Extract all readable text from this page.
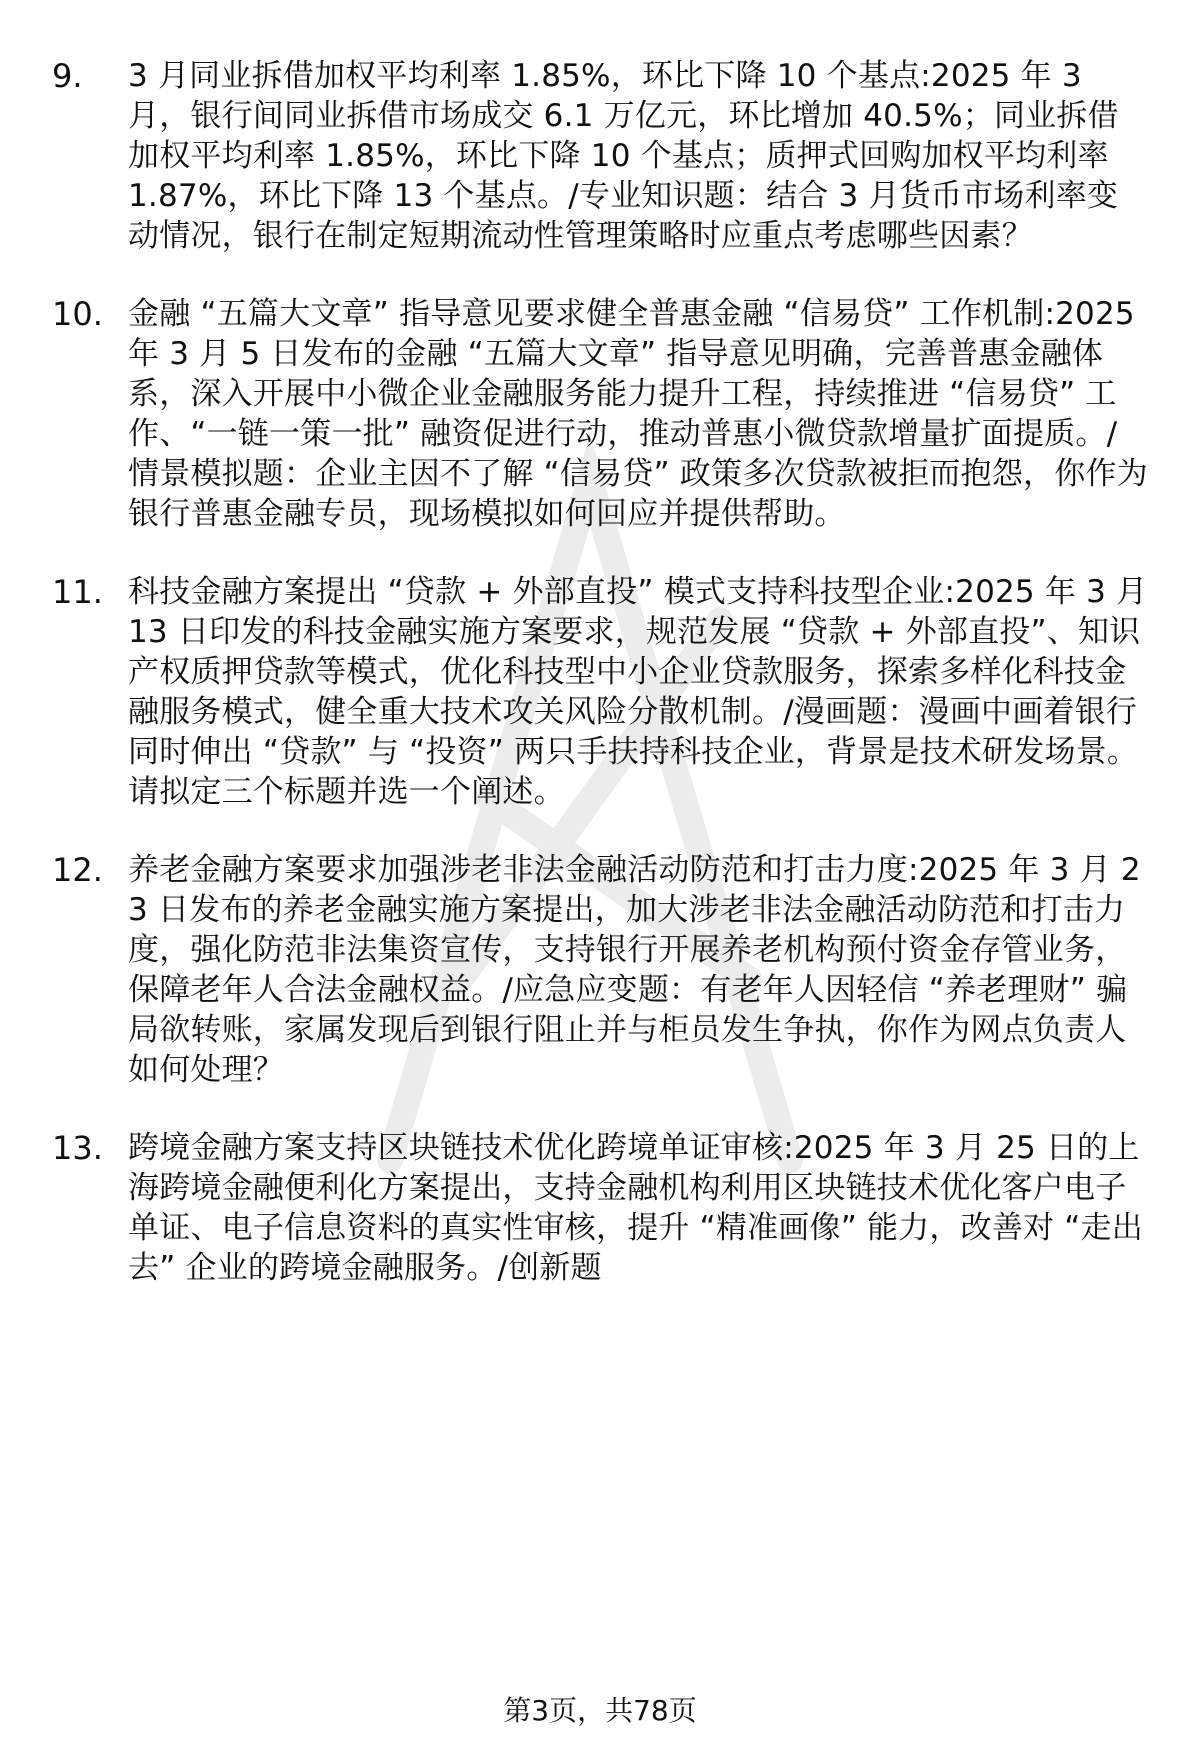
9.	3 月同业拆借加权平均利率 1.85%，环比下降 10 个基点:2025 年 3 月，银行间同业拆借市场成交 6.1 万亿元，环比增加 40.5%；同业拆借加权平均利率 1.85%，环比下降 10 个基点；质押式回购加权平均利率 1.87%，环比下降 13 个基点。/专业知识题：结合 3 月货币市场利率变动情况，银行在制定短期流动性管理策略时应重点考虑哪些因素？
10. 金融 “五篇大文章” 指导意见要求健全普惠金融 “信易贷” 工作机制:2025 年 3 月 5 日发布的金融 “五篇大文章” 指导意见明确，完善普惠金融体系，深入开展中小微企业金融服务能力提升工程，持续推进 “信易贷” 工作、“一链一策一批” 融资促进行动，推动普惠小微贷款增量扩面提质。/情景模拟题：企业主因不了解 “信易贷” 政策多次贷款被拒而抱怨，你作为银行普惠金融专员，现场模拟如何回应并提供帮助。
11. 科技金融方案提出 “贷款 + 外部直投” 模式支持科技型企业:2025 年 3 月 13 日印发的科技金融实施方案要求，规范发展 “贷款 + 外部直投”、知识产权质押贷款等模式，优化科技型中小企业贷款服务，探索多样化科技金融服务模式，健全重大技术攻关风险分散机制。/漫画题：漫画中画着银行同时伸出 “贷款” 与 “投资” 两只手扶持科技企业，背景是技术研发场景。请拟定三个标题并选一个阐述。
12. 养老金融方案要求加强涉老非法金融活动防范和打击力度:2025 年 3 月 23 日发布的养老金融实施方案提出，加大涉老非法金融活动防范和打击力度，强化防范非法集资宣传，支持银行开展养老机构预付资金存管业务，保障老年人合法金融权益。/应急应变题：有老年人因轻信 “养老理财” 骗局欲转账，家属发现后到银行阻止并与柜员发生争执，你作为网点负责人如何处理？
13. 跨境金融方案支持区块链技术优化跨境单证审核:2025 年 3 月 25 日的上海跨境金融便利化方案提出，支持金融机构利用区块链技术优化客户电子单证、电子信息资料的真实性审核，提升 “精准画像” 能力，改善对 “走出去” 企业的跨境金融服务。/创新题
第3页，共78页
